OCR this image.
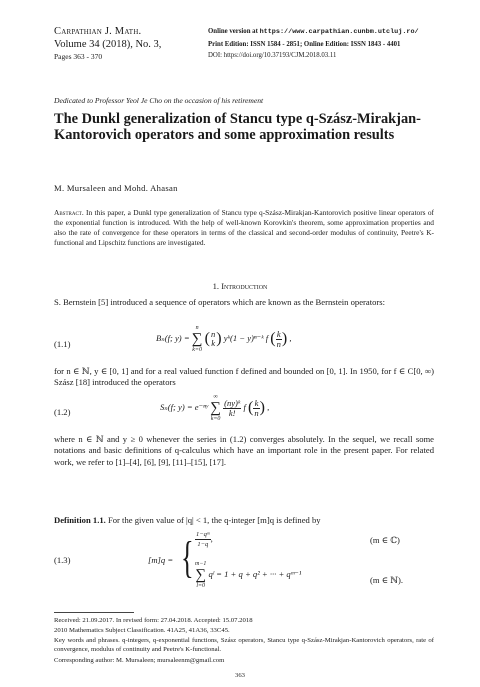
Carpathian J. Math.
Volume 34 (2018), No. 3,
Pages 363 - 370
Online version at https://www.carpathian.cunbm.utcluj.ro/
Print Edition: ISSN 1584 - 2851; Online Edition: ISSN 1843 - 4401
DOI: https://doi.org/10.37193/CJM.2018.03.11
Dedicated to Professor Yeol Je Cho on the occasion of his retirement
The Dunkl generalization of Stancu type q-Szász-Mirakjan-Kantorovich operators and some approximation results
M. Mursaleen and Mohd. Ahasan
Abstract. In this paper, a Dunkl type generalization of Stancu type q-Szász-Mirakjan-Kantorovich positive linear operators of the exponential function is introduced. With the help of well-known Korovkin's theorem, some approximation properties and also the rate of convergence for these operators in terms of the classical and second-order modulus of continuity, Peetre's K-functional and Lipschitz functions are investigated.
1. Introduction
S. Bernstein [5] introduced a sequence of operators which are known as the Bernstein operators:
(1.1)
Bₙ(f; y) =
n
∑
k=0
( n
k ) yᵏ(1 − y)ⁿ⁻ᵏ f ( $\frac{k}{n}$ ) ,
for n ∈ ℕ, y ∈ [0, 1] and for a real valued function f defined and bounded on [0, 1]. In 1950, for f ∈ C[0, ∞) Szász [18] introduced the operators
(1.2)
Sₙ(f; y) = e⁻ⁿʸ
∞
∑
k=0

$\frac{\text{(ny)ᵏ}}{k!}$ f ( $\frac{k}{n}$ ) ,
where n ∈ ℕ and y ≥ 0 whenever the series in (1.2) converges absolutely. In the sequel, we recall some notations and basic definitions of q-calculus which have an important role in the present paper. For related work, we refer to [1]–[4], [6], [9], [11]–[15], [17].
Definition 1.1. For the given value of |q| < 1, the q-integer [m]q is defined by
(1.3)	[m]q = { $\frac{\text{1−qᵐ}}{1-q}$ ,	(m ∈ ℂ)
m−1
∑
l=0
qˡ = 1 + q + q² + ··· + qᵐ⁻¹
(m ∈ ℕ).
Received: 21.09.2017. In revised form: 27.04.2018. Accepted: 15.07.2018
2010 Mathematics Subject Classification. 41A25, 41A36, 33C45.
Key words and phrases. q-integers, q-exponential functions, Szász operators, Stancu type q-Szász-Mirakjan-Kantorovich operators, rate of convergence, modulus of continuity and Peetre's K-functional.
Corresponding author: M. Mursaleen; mursaleenm@gmail.com
363
